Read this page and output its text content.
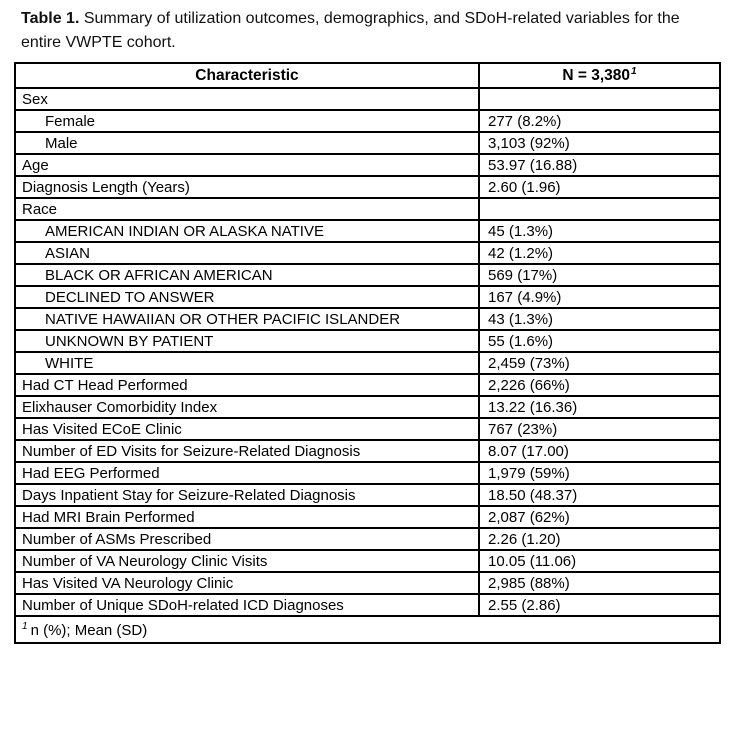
Table 1. Summary of utilization outcomes, demographics, and SDoH-related variables for the entire VWPTE cohort.
Characteristic	N = 3,380$^1$
Sex	
Female	277 (8.2%)
Male	3,103 (92%)
Age	53.97 (16.88)
Diagnosis Length (Years)	2.60 (1.96)
Race	
AMERICAN INDIAN OR ALASKA NATIVE	45 (1.3%)
ASIAN	42 (1.2%)
BLACK OR AFRICAN AMERICAN	569 (17%)
DECLINED TO ANSWER	167 (4.9%)
NATIVE HAWAIIAN OR OTHER PACIFIC ISLANDER	43 (1.3%)
UNKNOWN BY PATIENT	55 (1.6%)
WHITE	2,459 (73%)
Had CT Head Performed	2,226 (66%)
Elixhauser Comorbidity Index	13.22 (16.36)
Has Visited ECoE Clinic	767 (23%)
Number of ED Visits for Seizure-Related Diagnosis	8.07 (17.00)
Had EEG Performed	1,979 (59%)
Days Inpatient Stay for Seizure-Related Diagnosis	18.50 (48.37)
Had MRI Brain Performed	2,087 (62%)
Number of ASMs Prescribed	2.26 (1.20)
Number of VA Neurology Clinic Visits	10.05 (11.06)
Has Visited VA Neurology Clinic	2,985 (88%)
Number of Unique SDoH-related ICD Diagnoses	2.55 (2.86)
$^1$ n (%); Mean (SD)	
